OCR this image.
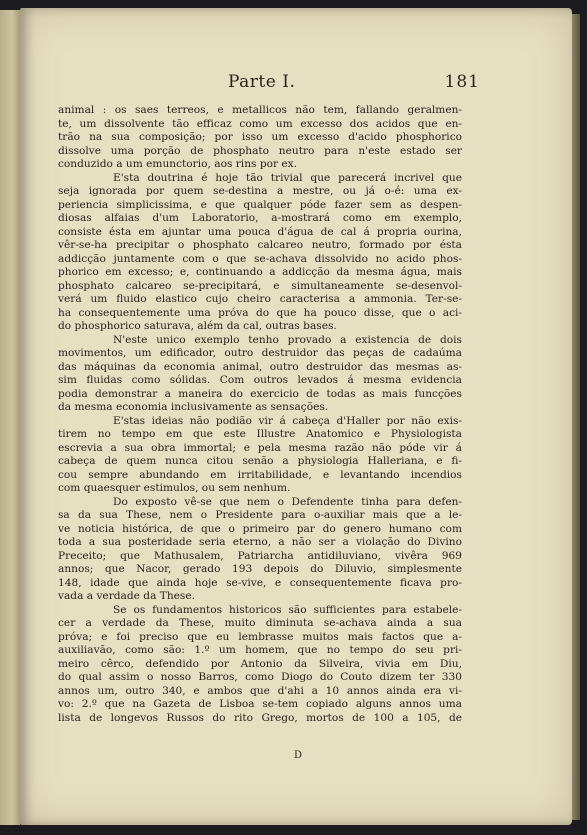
Parte I.	181
animal : os saes terreos, e metallicos não tem, fallando geralmen-
te, um dissolvente tão efficaz como um excesso dos acidos que en-
trão na sua composição; por isso um excesso d'acido phosphorico
dissolve uma porção de phosphato neutro para n'este estado ser
conduzido a um emunctorio, aos rins por ex.
E'sta doutrina é hoje tão trivial que parecerá incrivel que
seja ignorada por quem se-destina a mestre, ou já o-é: uma ex-
periencia simplicissima, e que qualquer póde fazer sem as despen-
diosas alfaias d'um Laboratorio, a-mostrará como em exemplo,
consiste ésta em ajuntar uma pouca d'água de cal á propria ourina,
vêr-se-ha precipitar o phosphato calcareo neutro, formado por ésta
addicção juntamente com o que se-achava dissolvido no acido phos-
phorico em excesso; e, continuando a addicção da mesma água, mais
phosphato calcareo se-precipitará, e simultaneamente se-desenvol-
verá um fluido elastico cujo cheiro caracterisa a ammonia. Ter-se-
ha consequentemente uma próva do que ha pouco disse, que o aci-
do phosphorico saturava, além da cal, outras bases.
N'este unico exemplo tenho provado a existencia de dois
movimentos, um edificador, outro destruidor das peças de cadaúma
das máquinas da economia animal, outro destruidor das mesmas as-
sim fluidas como sólidas. Com outros levados á mesma evidencia
podia demonstrar a maneira do exercicio de todas as mais funcções
da mesma economia inclusivamente as sensações.
E'stas ideias não podião vir á cabeça d'Haller por não exis-
tirem no tempo em que este Illustre Anatomico e Physiologista
escrevia a sua obra immortal; e pela mesma razão não póde vir á
cabeça de quem nunca citou senão a physiologia Halleriana, e fi-
cou sempre abundando em irritabilidade, e levantando incendios
com quaesquer estimulos, ou sem nenhum.
Do exposto vê-se que nem o Defendente tinha para defen-
sa da sua These, nem o Presidente para o-auxiliar mais que a le-
ve noticia histórica, de que o primeiro par do genero humano com
toda a sua posteridade seria eterno, a não ser a violação do Divino
Preceito; que Mathusalem, Patriarcha antidiluviano, vivêra 969
annos; que Nacor, gerado 193 depois do Diluvio, simplesmente
148, idade que ainda hoje se-vive, e consequentemente ficava pro-
vada a verdade da These.
Se os fundamentos historicos são sufficientes para estabele-
cer a verdade da These, muito diminuta se-achava ainda a sua
próva; e foi preciso que eu lembrasse muitos mais factos que a-
auxiliavão, como são: 1.º um homem, que no tempo do seu pri-
meiro cêrco, defendido por Antonio da Silveira, vivia em Diu,
do qual assim o nosso Barros, como Diogo do Couto dizem ter 330
annos um, outro 340, e ambos que d'ahi a 10 annos ainda era vi-
vo: 2.º que na Gazeta de Lisboa se-tem copiado alguns annos uma
lista de longevos Russos do rito Grego, mortos de 100 a 105, de
D
